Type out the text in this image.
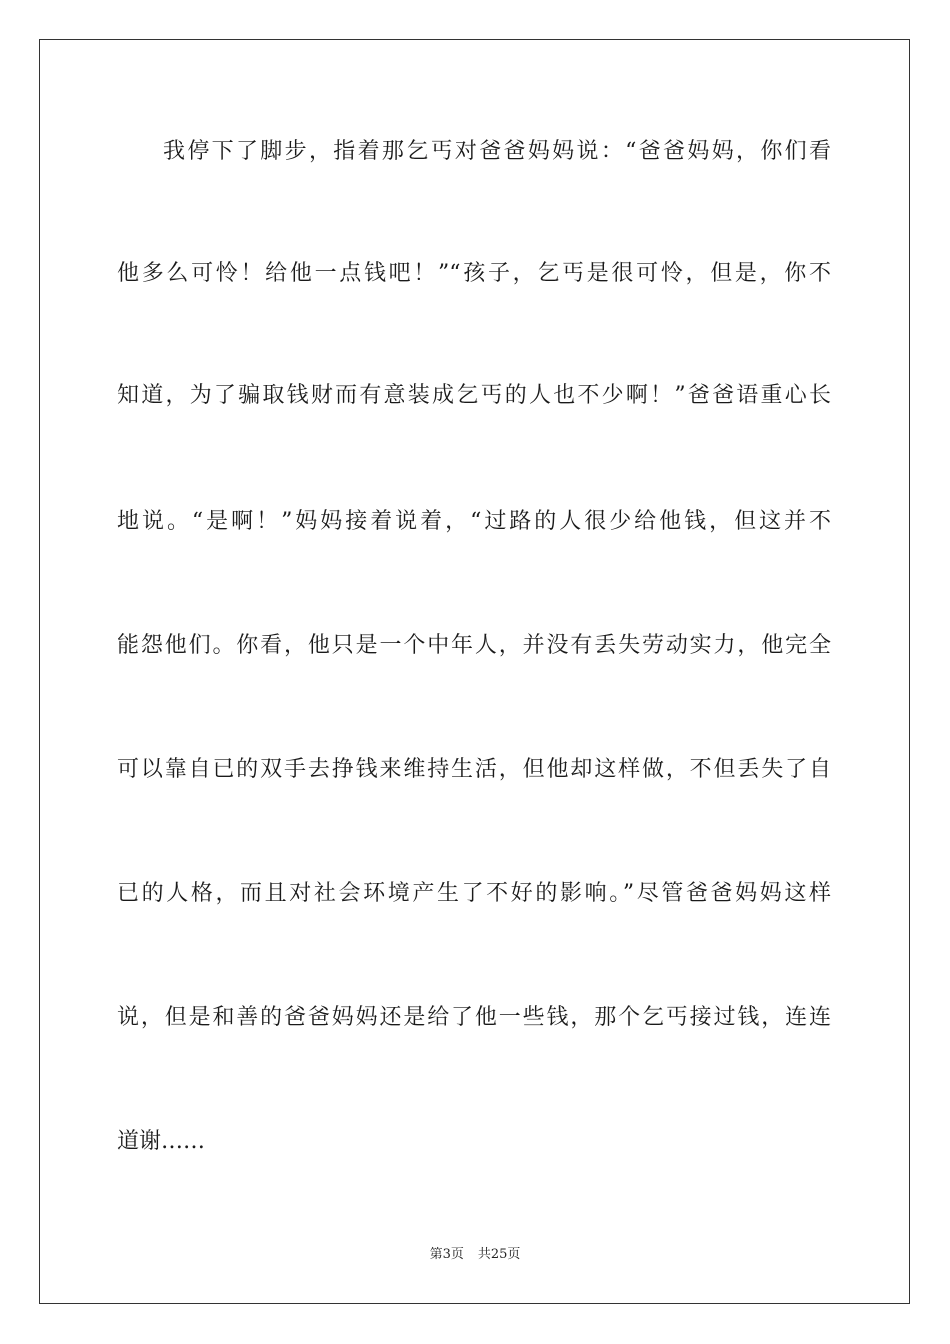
我停下了脚步，指着那乞丐对爸爸妈妈说：“爸爸妈妈，你们看
他多么可怜！给他一点钱吧！”“孩子，乞丐是很可怜，但是，你不
知道，为了骗取钱财而有意装成乞丐的人也不少啊！”爸爸语重心长
地说。“是啊！”妈妈接着说着，“过路的人很少给他钱，但这并不
能怨他们。你看，他只是一个中年人，并没有丢失劳动实力，他完全
可以靠自已的双手去挣钱来维持生活，但他却这样做，不但丢失了自
已的人格，而且对社会环境产生了不好的影响。”尽管爸爸妈妈这样
说，但是和善的爸爸妈妈还是给了他一些钱，那个乞丐接过钱，连连
道谢……
第3页 共25页
